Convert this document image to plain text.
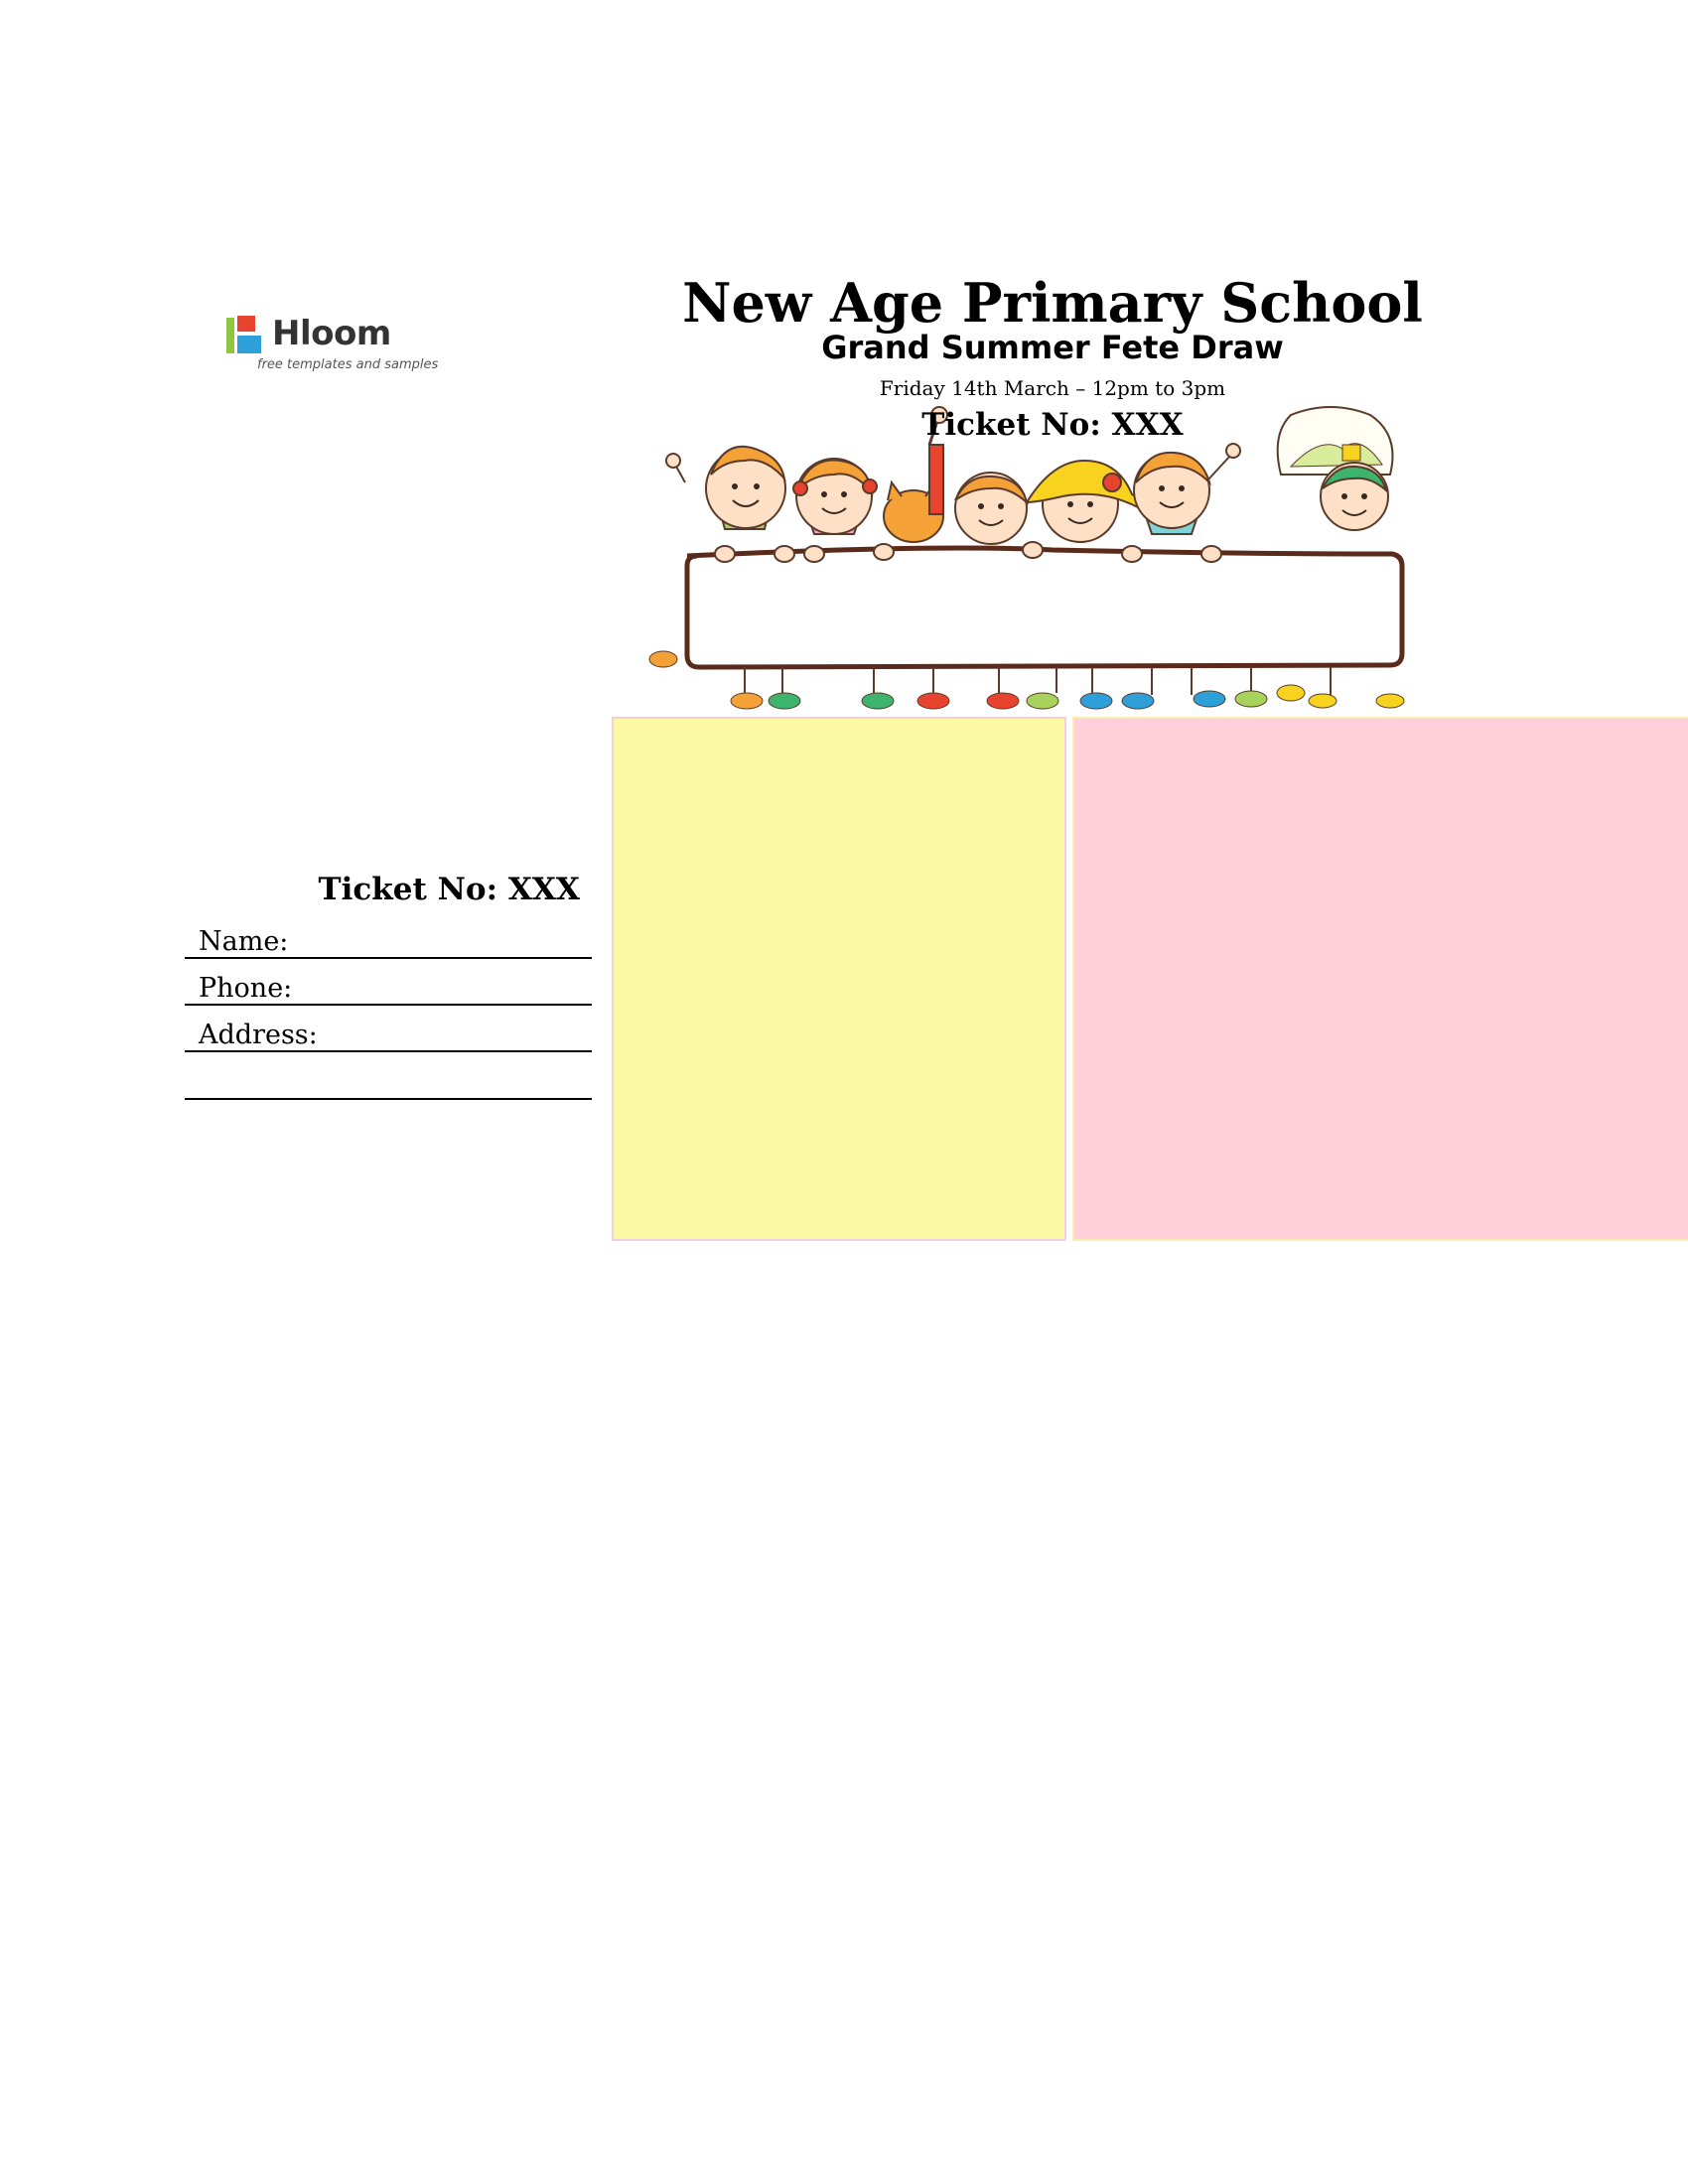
Hloom
free templates and samples
New Age Primary School
Grand Summer Fete Draw
Friday 14th March – 12pm to 3pm
Ticket No: XXX
Ticket No: XXX
Name:
Phone:
Address:
